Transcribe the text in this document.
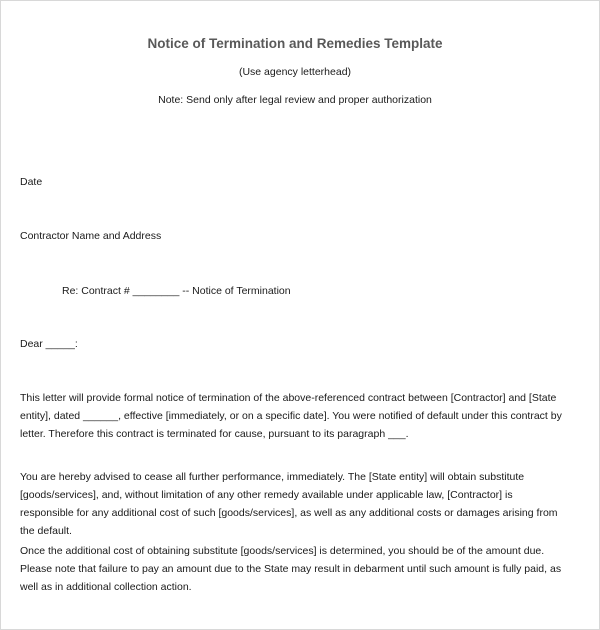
Notice of Termination and Remedies Template
(Use agency letterhead)
Note: Send only after legal review and proper authorization
Date
Contractor Name and Address
Re: Contract # ________ -- Notice of Termination
Dear _____:
This letter will provide formal notice of termination of the above-referenced contract between [Contractor] and [State entity], dated ______, effective [immediately, or on a specific date]. You were notified of default under this contract by letter. Therefore this contract is terminated for cause, pursuant to its paragraph ___.
You are hereby advised to cease all further performance, immediately. The [State entity] will obtain substitute [goods/services], and, without limitation of any other remedy available under applicable law, [Contractor] is responsible for any additional cost of such [goods/services], as well as any additional costs or damages arising from the default.
Once the additional cost of obtaining substitute [goods/services] is determined, you should be of the amount due. Please note that failure to pay an amount due to the State may result in debarment until such amount is fully paid, as well as in additional collection action.
